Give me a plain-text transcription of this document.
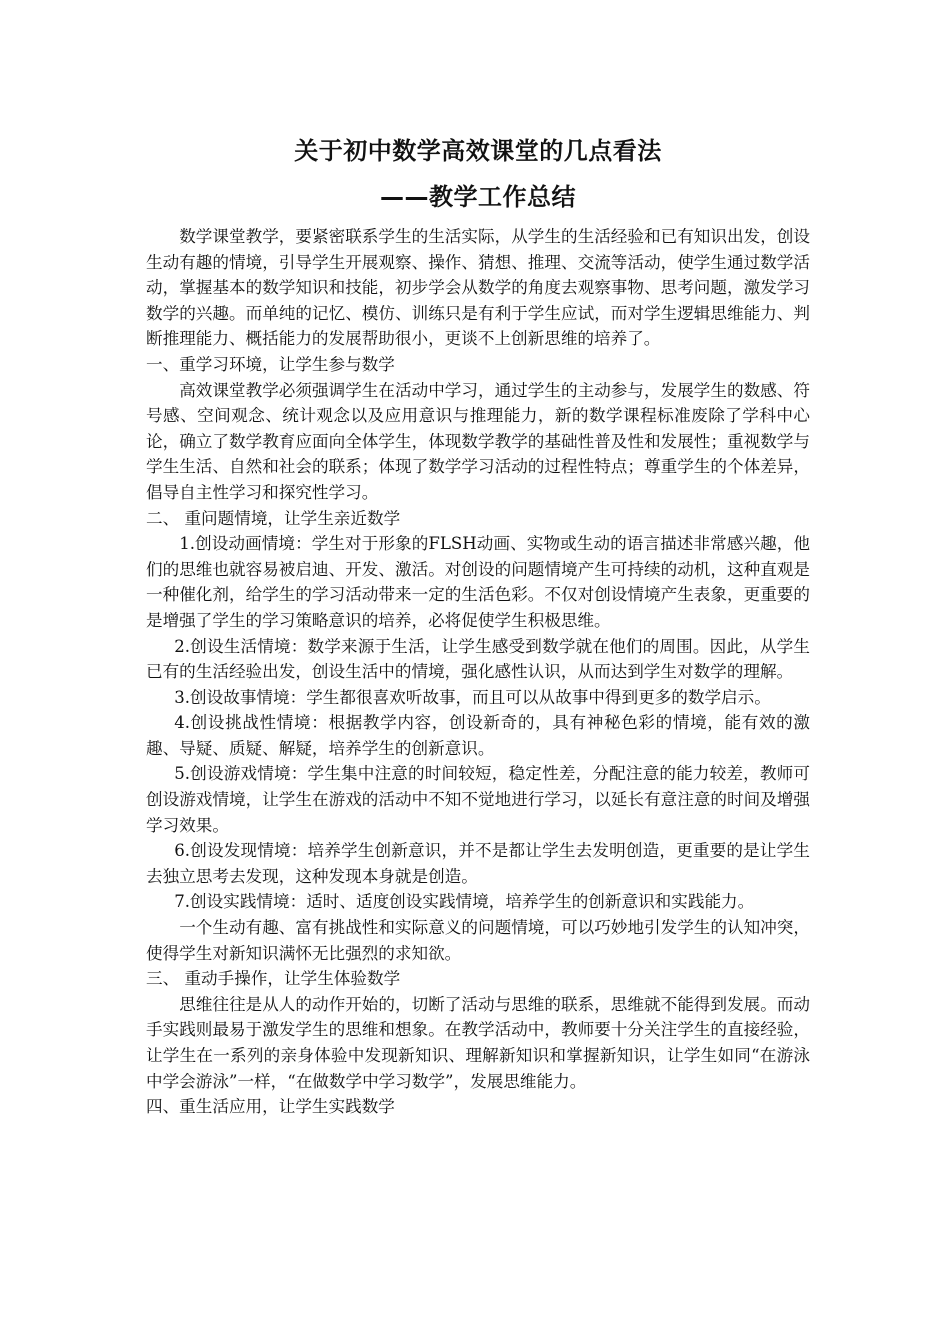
关于初中数学高效课堂的几点看法
——教学工作总结

数学课堂教学，要紧密联系学生的生活实际，从学生的生活经验和已有知识出发，创设生动有趣的情境，引导学生开展观察、操作、猜想、推理、交流等活动，使学生通过数学活动，掌握基本的数学知识和技能，初步学会从数学的角度去观察事物、思考问题，激发学习数学的兴趣。而单纯的记忆、模仿、训练只是有利于学生应试，而对学生逻辑思维能力、判断推理能力、概括能力的发展帮助很小，更谈不上创新思维的培养了。

一、重学习环境，让学生参与数学

高效课堂教学必须强调学生在活动中学习，通过学生的主动参与，发展学生的数感、符号感、空间观念、统计观念以及应用意识与推理能力，新的数学课程标准废除了学科中心论，确立了数学教育应面向全体学生，体现数学教学的基础性普及性和发展性；重视数学与学生生活、自然和社会的联系；体现了数学学习活动的过程性特点；尊重学生的个体差异，倡导自主性学习和探究性学习。

二、 重问题情境，让学生亲近数学

1.创设动画情境：学生对于形象的FLSH动画、实物或生动的语言描述非常感兴趣，他们的思维也就容易被启迪、开发、激活。对创设的问题情境产生可持续的动机，这种直观是一种催化剂，给学生的学习活动带来一定的生活色彩。不仅对创设情境产生表象，更重要的是增强了学生的学习策略意识的培养，必将促使学生积极思维。

2.创设生活情境：数学来源于生活，让学生感受到数学就在他们的周围。因此，从学生已有的生活经验出发，创设生活中的情境，强化感性认识，从而达到学生对数学的理解。

3.创设故事情境：学生都很喜欢听故事，而且可以从故事中得到更多的数学启示。

4.创设挑战性情境：根据教学内容，创设新奇的，具有神秘色彩的情境，能有效的激趣、导疑、质疑、解疑，培养学生的创新意识。

5.创设游戏情境：学生集中注意的时间较短，稳定性差，分配注意的能力较差，教师可创设游戏情境，让学生在游戏的活动中不知不觉地进行学习，以延长有意注意的时间及增强学习效果。

6.创设发现情境：培养学生创新意识，并不是都让学生去发明创造，更重要的是让学生去独立思考去发现，这种发现本身就是创造。

7.创设实践情境：适时、适度创设实践情境，培养学生的创新意识和实践能力。

一个生动有趣、富有挑战性和实际意义的问题情境，可以巧妙地引发学生的认知冲突，使得学生对新知识满怀无比强烈的求知欲。

三、 重动手操作，让学生体验数学

思维往往是从人的动作开始的，切断了活动与思维的联系，思维就不能得到发展。而动手实践则最易于激发学生的思维和想象。在教学活动中，教师要十分关注学生的直接经验，让学生在一系列的亲身体验中发现新知识、理解新知识和掌握新知识，让学生如同“在游泳中学会游泳”一样，“在做数学中学习数学”，发展思维能力。

四、重生活应用，让学生实践数学
